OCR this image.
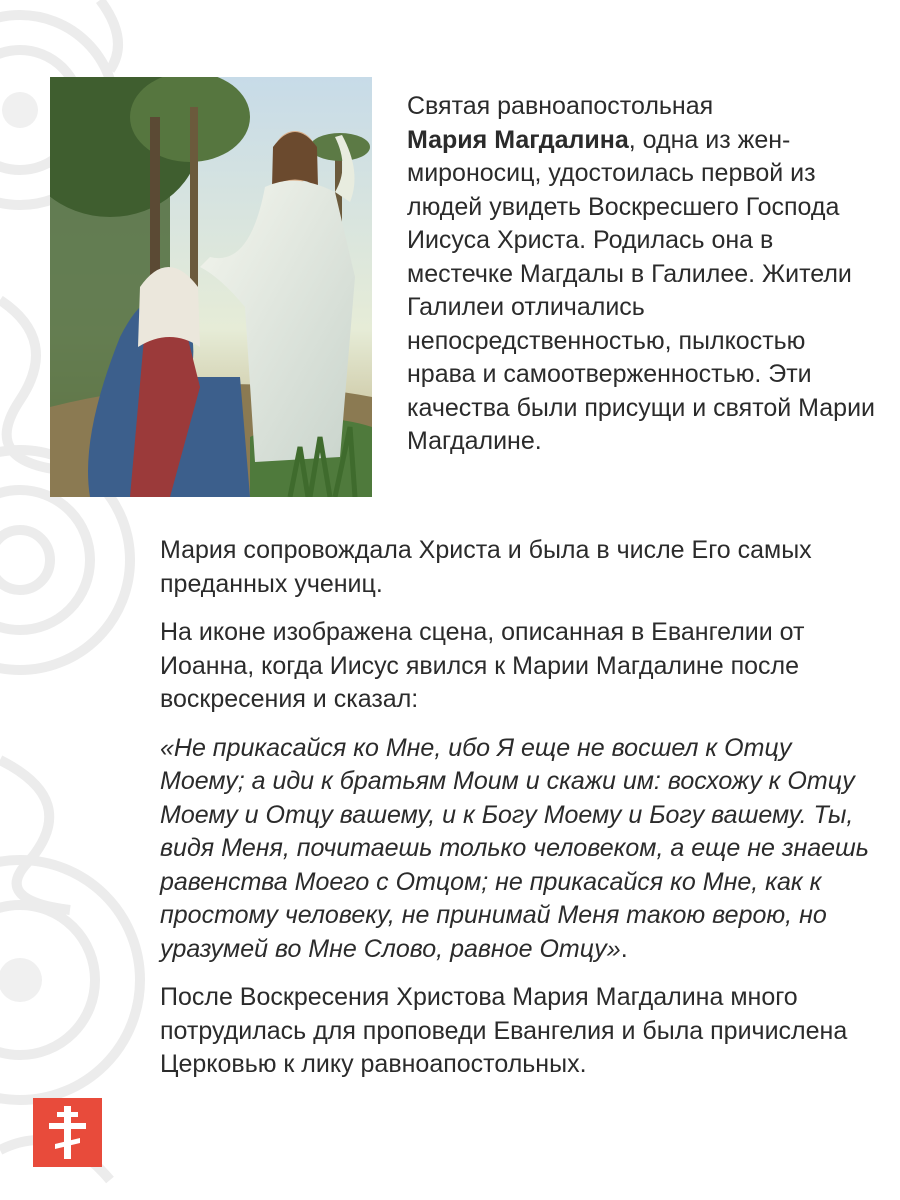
Святая равноапостольная
Мария Магдалина, одна из жен-мироносиц, удостоилась первой из людей увидеть Воскресшего Господа Иисуса Христа. Родилась она в местечке Магдалы в Галилее. Жители Галилеи отличались непосредственностью, пылкостью нрава и самоотверженностью. Эти качества были присущи и святой Марии Магдалине.

Мария сопровождала Христа и была в числе Его самых преданных учениц.

На иконе изображена сцена, описанная в Евангелии от Иоанна, когда Иисус явился к Марии Магдалине после воскресения и сказал:

«Не прикасайся ко Мне, ибо Я еще не восшел к Отцу Моему; а иди к братьям Моим и скажи им: восхожу к Отцу Моему и Отцу вашему, и к Богу Моему и Богу вашему. Ты, видя Меня, почитаешь только человеком, а еще не знаешь равенства Моего с Отцом; не прикасайся ко Мне, как к простому человеку, не принимай Меня такою верою, но уразумей во Мне Слово, равное Отцу».

После Воскресения Христова Мария Магдалина много потрудилась для проповеди Евангелия и была причислена Церковью к лику равноапостольных.
